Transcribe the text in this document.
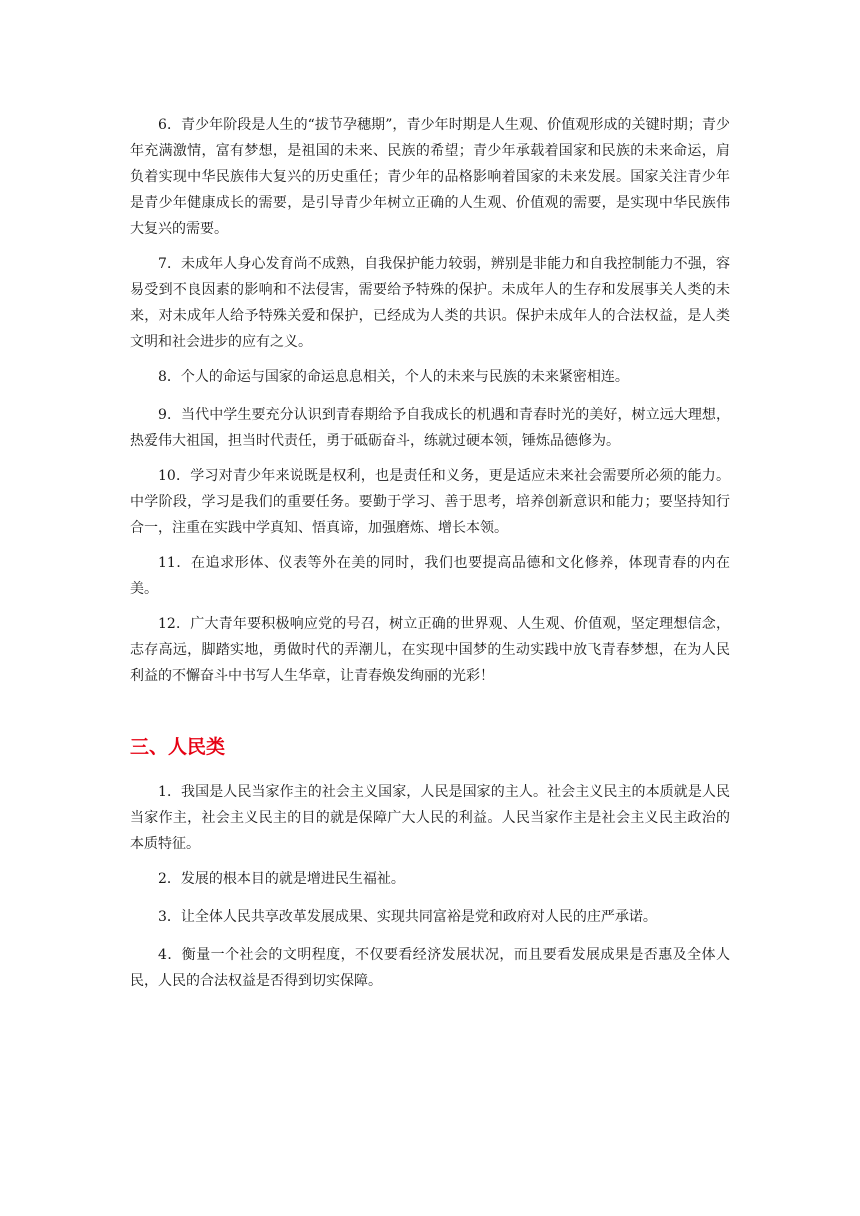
6．青少年阶段是人生的“拔节孕穗期”，青少年时期是人生观、价值观形成的关键时期；青少年充满激情，富有梦想，是祖国的未来、民族的希望；青少年承载着国家和民族的未来命运，肩负着实现中华民族伟大复兴的历史重任；青少年的品格影响着国家的未来发展。国家关注青少年是青少年健康成长的需要，是引导青少年树立正确的人生观、价值观的需要，是实现中华民族伟大复兴的需要。

7．未成年人身心发育尚不成熟，自我保护能力较弱，辨别是非能力和自我控制能力不强，容易受到不良因素的影响和不法侵害，需要给予特殊的保护。未成年人的生存和发展事关人类的未来，对未成年人给予特殊关爱和保护，已经成为人类的共识。保护未成年人的合法权益，是人类文明和社会进步的应有之义。

8．个人的命运与国家的命运息息相关，个人的未来与民族的未来紧密相连。

9．当代中学生要充分认识到青春期给予自我成长的机遇和青春时光的美好，树立远大理想，热爱伟大祖国，担当时代责任，勇于砥砺奋斗，练就过硬本领，锤炼品德修为。

10．学习对青少年来说既是权利，也是责任和义务，更是适应未来社会需要所必须的能力。中学阶段，学习是我们的重要任务。要勤于学习、善于思考，培养创新意识和能力；要坚持知行合一，注重在实践中学真知、悟真谛，加强磨炼、增长本领。

11．在追求形体、仪表等外在美的同时，我们也要提高品德和文化修养，体现青春的内在美。

12．广大青年要积极响应党的号召，树立正确的世界观、人生观、价值观，坚定理想信念，志存高远，脚踏实地，勇做时代的弄潮儿，在实现中国梦的生动实践中放飞青春梦想，在为人民利益的不懈奋斗中书写人生华章，让青春焕发绚丽的光彩！

三、人民类

1．我国是人民当家作主的社会主义国家，人民是国家的主人。社会主义民主的本质就是人民当家作主，社会主义民主的目的就是保障广大人民的利益。人民当家作主是社会主义民主政治的本质特征。

2．发展的根本目的就是增进民生福祉。

3．让全体人民共享改革发展成果、实现共同富裕是党和政府对人民的庄严承诺。

4．衡量一个社会的文明程度，不仅要看经济发展状况，而且要看发展成果是否惠及全体人民，人民的合法权益是否得到切实保障。
